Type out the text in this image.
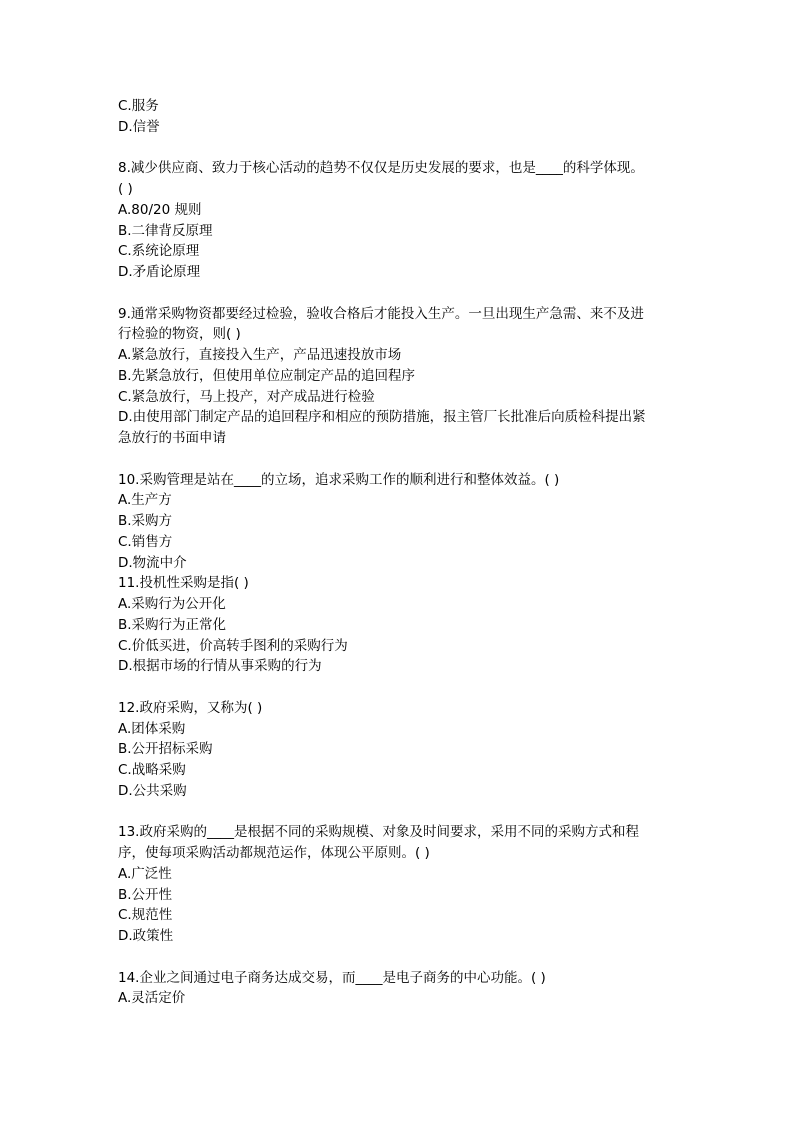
C.服务
D.信誉
8.减少供应商、致力于核心活动的趋势不仅仅是历史发展的要求，也是____的科学体现。
( )
A.80/20 规则
B.二律背反原理
C.系统论原理
D.矛盾论原理
9.通常采购物资都要经过检验，验收合格后才能投入生产。一旦出现生产急需、来不及进
行检验的物资，则( )
A.紧急放行，直接投入生产，产品迅速投放市场
B.先紧急放行，但使用单位应制定产品的追回程序
C.紧急放行，马上投产，对产成品进行检验
D.由使用部门制定产品的追回程序和相应的预防措施，报主管厂长批准后向质检科提出紧
急放行的书面申请
10.采购管理是站在____的立场，追求采购工作的顺利进行和整体效益。( )
A.生产方
B.采购方
C.销售方
D.物流中介
11.投机性采购是指( )
A.采购行为公开化
B.采购行为正常化
C.价低买进，价高转手图利的采购行为
D.根据市场的行情从事采购的行为
12.政府采购，又称为( )
A.团体采购
B.公开招标采购
C.战略采购
D.公共采购
13.政府采购的____是根据不同的采购规模、对象及时间要求，采用不同的采购方式和程
序，使每项采购活动都规范运作，体现公平原则。( )
A.广泛性
B.公开性
C.规范性
D.政策性
14.企业之间通过电子商务达成交易，而____是电子商务的中心功能。( )
A.灵活定价
